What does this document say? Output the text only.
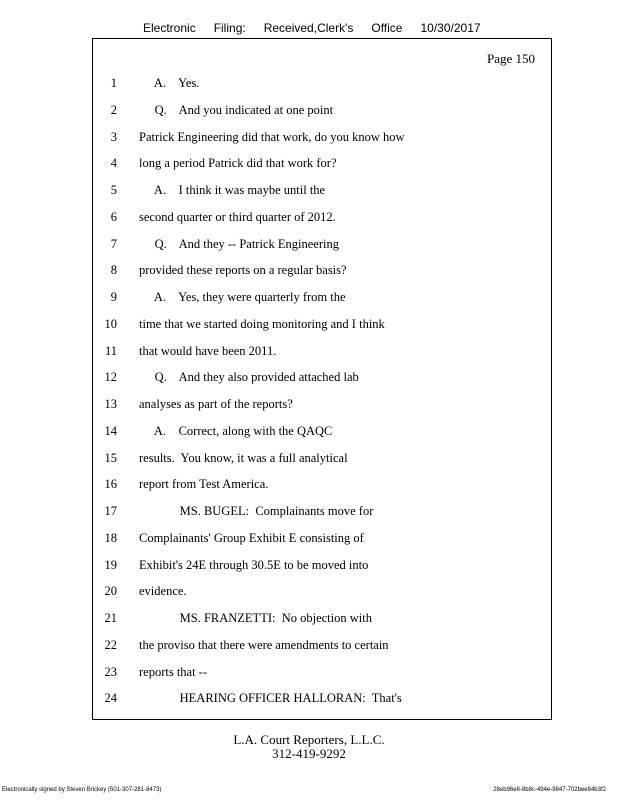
Electronic Filing: Received,Clerk's Office 10/30/2017
Page 150
1 A.    Yes.
2 Q.    And you indicated at one point
3 Patrick Engineering did that work, do you know how
4 long a period Patrick did that work for?
5 A.    I think it was maybe until the
6 second quarter or third quarter of 2012.
7 Q.    And they -- Patrick Engineering
8 provided these reports on a regular basis?
9 A.    Yes, they were quarterly from the
10 time that we started doing monitoring and I think
11 that would have been 2011.
12 Q.    And they also provided attached lab
13 analyses as part of the reports?
14 A.    Correct, along with the QAQC
15 results.  You know, it was a full analytical
16 report from Test America.
17 MS. BUGEL:  Complainants move for
18 Complainants' Group Exhibit E consisting of
19 Exhibit's 24E through 30.5E to be moved into
20 evidence.
21 MS. FRANZETTI:  No objection with
22 the proviso that there were amendments to certain
23 reports that --
24 HEARING OFFICER HALLORAN:  That's
L.A. Court Reporters, L.L.C.
312-419-9292
Electronically signed by Steven Brickey (501-307-281-8473)	28eb96e6-8b8c-494e-9847-702bee84b3f2
